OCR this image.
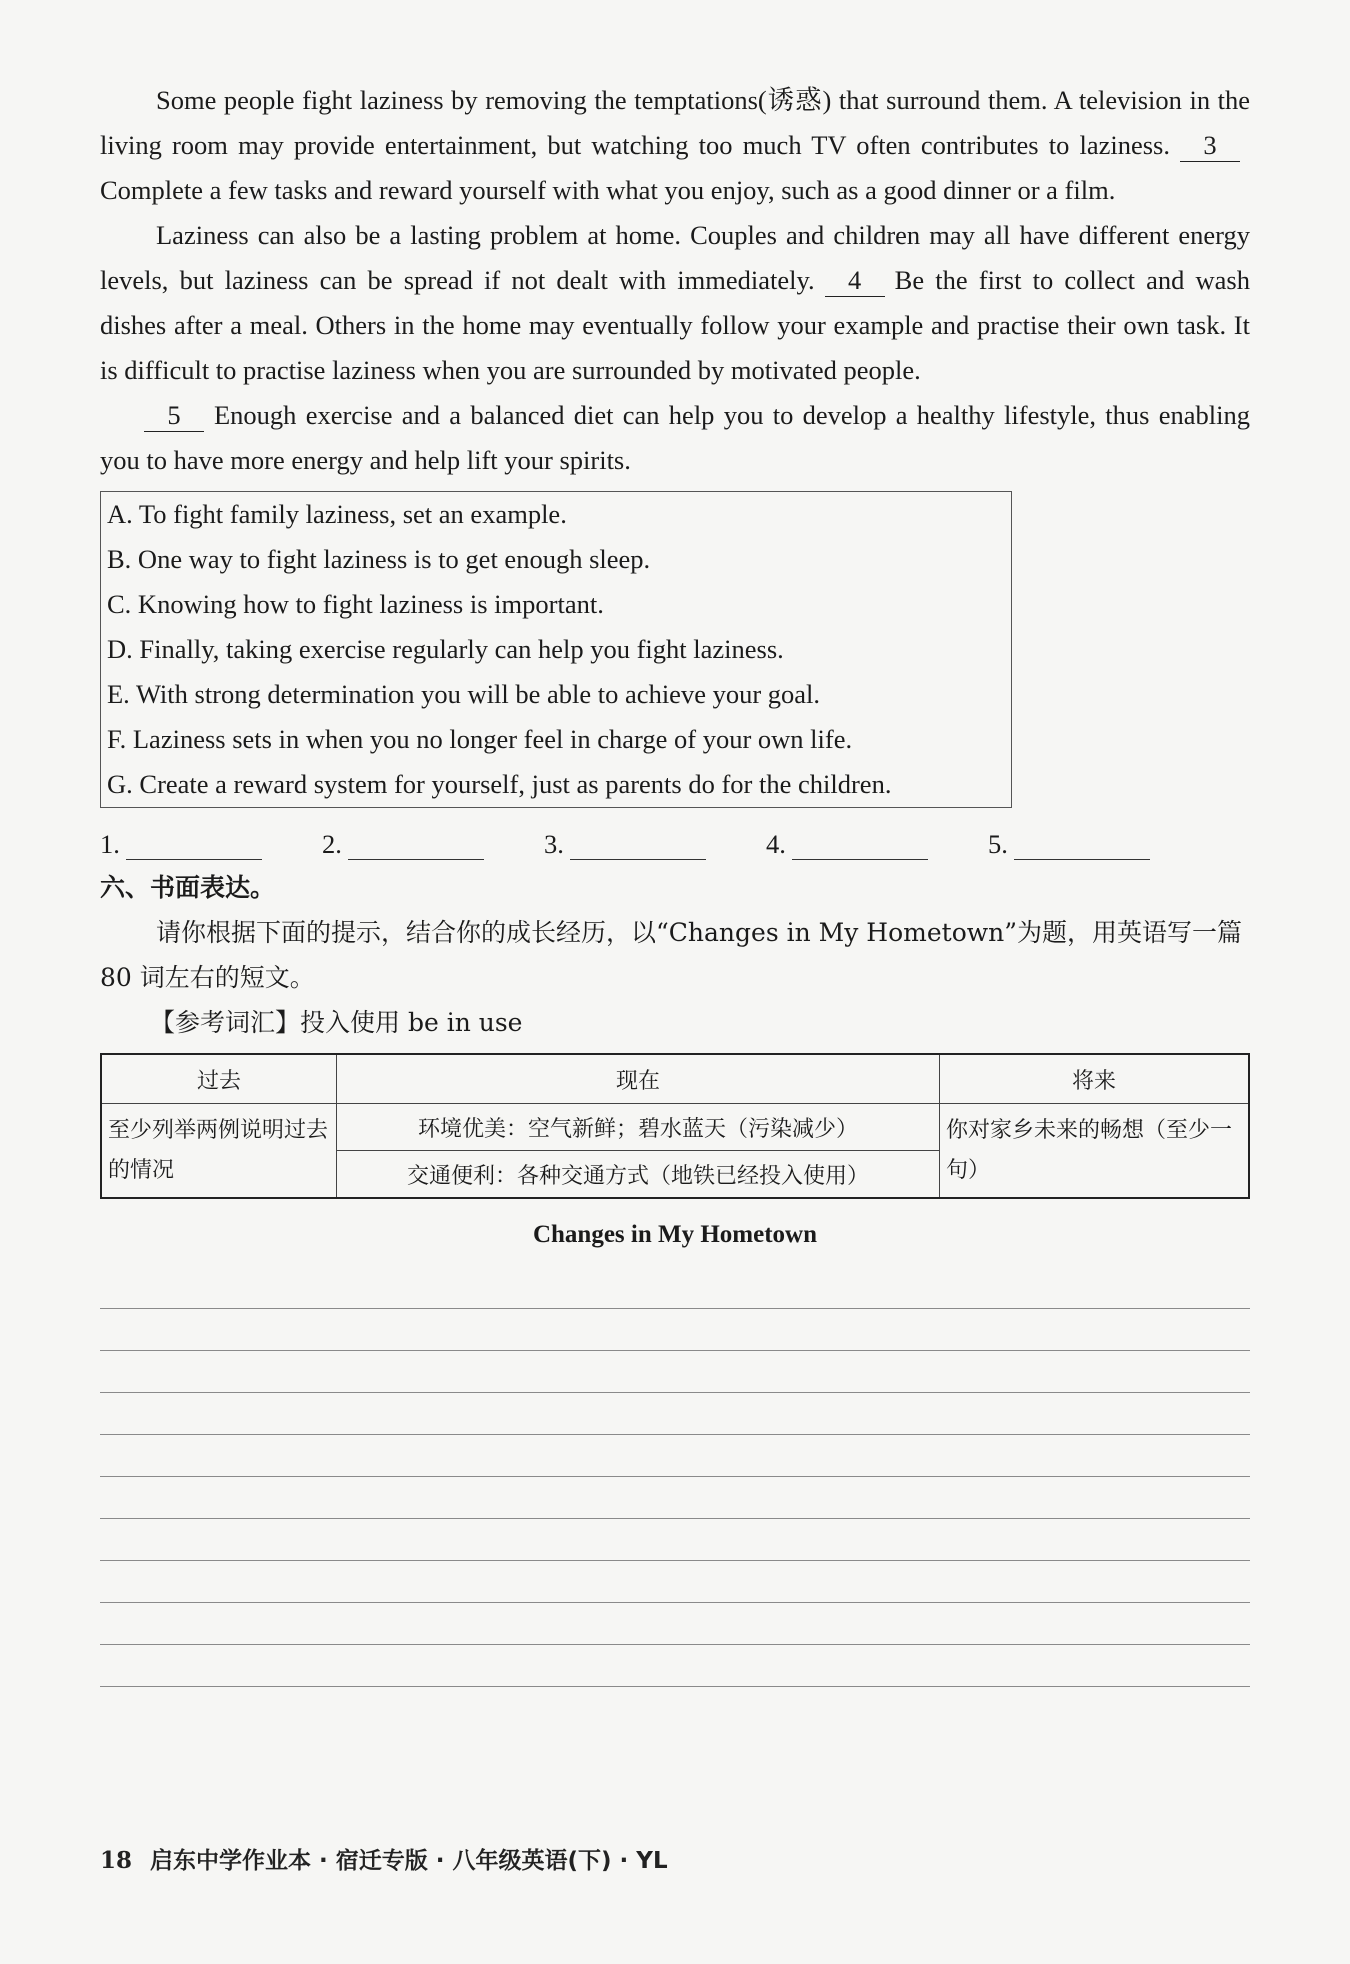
Some people fight laziness by removing the temptations(诱惑) that surround them. A television in the living room may provide entertainment, but watching too much TV often contributes to laziness. 3Complete a few tasks and reward yourself with what you enjoy, such as a good dinner or a film.

Laziness can also be a lasting problem at home. Couples and children may all have different energy levels, but laziness can be spread if not dealt with immediately. 4 Be the first to collect and wash dishes after a meal. Others in the home may eventually follow your example and practise their own task. It is difficult to practise laziness when you are surrounded by motivated people.

5 Enough exercise and a balanced diet can help you to develop a healthy lifestyle, thus enabling you to have more energy and help lift your spirits.

A. To fight family laziness, set an example.
B. One way to fight laziness is to get enough sleep.
C. Knowing how to fight laziness is important.
D. Finally, taking exercise regularly can help you fight laziness.
E. With strong determination you will be able to achieve your goal.
F. Laziness sets in when you no longer feel in charge of your own life.
G. Create a reward system for yourself, just as parents do for the children.
1.	2.	3.	4.	5.
六、书面表达。

请你根据下面的提示，结合你的成长经历，以“Changes in My Hometown”为题，用英语写一篇 80 词左右的短文。

【参考词汇】投入使用 be in use

过去	现在	将来
至少列举两例说明过去的情况	环境优美：空气新鲜；碧水蓝天（污染减少）	你对家乡未来的畅想（至少一句）
	交通便利：各种交通方式（地铁已经投入使用）	
Changes in My Hometown
18 启东中学作业本 · 宿迁专版 · 八年级英语(下) · YL
